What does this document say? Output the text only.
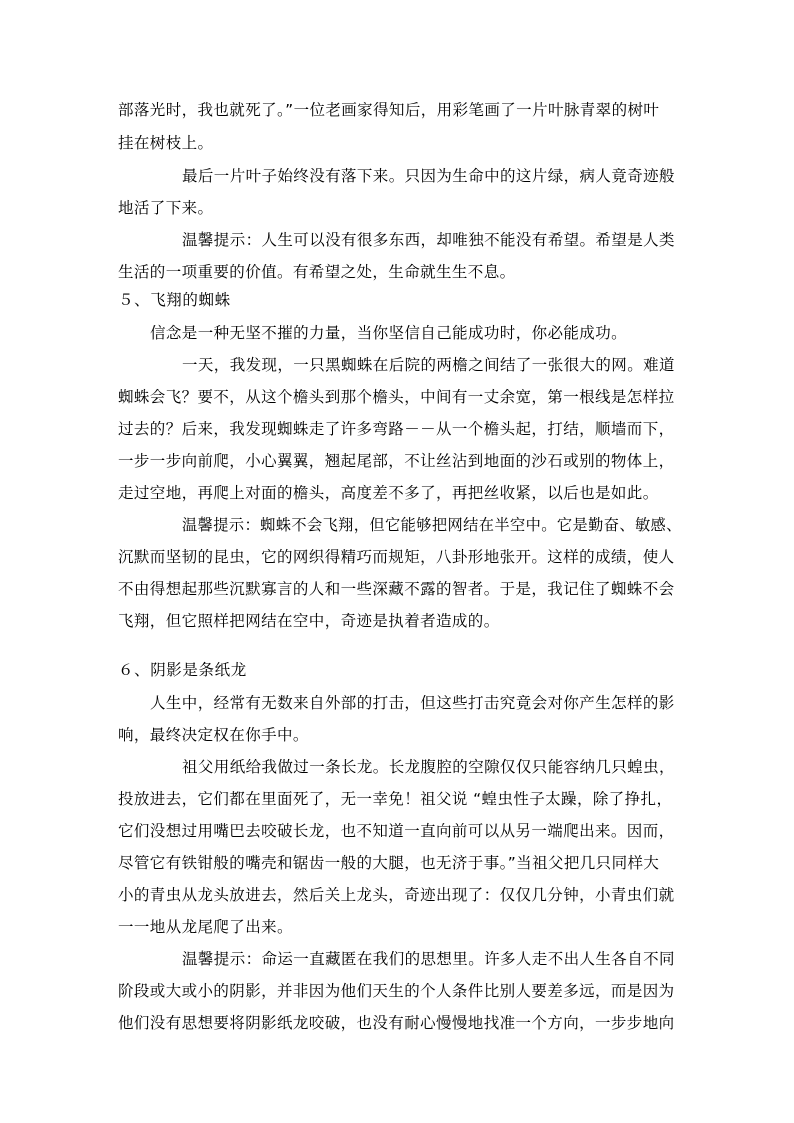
部落光时，我也就死了。”一位老画家得知后，用彩笔画了一片叶脉青翠的树叶
挂在树枝上。
最后一片叶子始终没有落下来。只因为生命中的这片绿，病人竟奇迹般
地活了下来。
温馨提示：人生可以没有很多东西，却唯独不能没有希望。希望是人类
生活的一项重要的价值。有希望之处，生命就生生不息。
５、飞翔的蜘蛛
信念是一种无坚不摧的力量，当你坚信自己能成功时，你必能成功。
一天，我发现，一只黑蜘蛛在后院的两檐之间结了一张很大的网。难道
蜘蛛会飞？要不，从这个檐头到那个檐头，中间有一丈余宽，第一根线是怎样拉
过去的？后来，我发现蜘蛛走了许多弯路－－从一个檐头起，打结，顺墙而下，
一步一步向前爬，小心翼翼，翘起尾部，不让丝沾到地面的沙石或别的物体上，
走过空地，再爬上对面的檐头，高度差不多了，再把丝收紧，以后也是如此。
温馨提示：蜘蛛不会飞翔，但它能够把网结在半空中。它是勤奋、敏感、
沉默而坚韧的昆虫，它的网织得精巧而规矩，八卦形地张开。这样的成绩，使人
不由得想起那些沉默寡言的人和一些深藏不露的智者。于是，我记住了蜘蛛不会
飞翔，但它照样把网结在空中，奇迹是执着者造成的。
６、阴影是条纸龙
人生中，经常有无数来自外部的打击，但这些打击究竟会对你产生怎样的影
响，最终决定权在你手中。
祖父用纸给我做过一条长龙。长龙腹腔的空隙仅仅只能容纳几只蝗虫，
投放进去，它们都在里面死了，无一幸免！祖父说 “蝗虫性子太躁，除了挣扎，
它们没想过用嘴巴去咬破长龙，也不知道一直向前可以从另一端爬出来。因而，
尽管它有铁钳般的嘴壳和锯齿一般的大腿，也无济于事。”当祖父把几只同样大
小的青虫从龙头放进去，然后关上龙头，奇迹出现了：仅仅几分钟，小青虫们就
一一地从龙尾爬了出来。
温馨提示：命运一直藏匿在我们的思想里。许多人走不出人生各自不同
阶段或大或小的阴影，并非因为他们天生的个人条件比别人要差多远，而是因为
他们没有思想要将阴影纸龙咬破，也没有耐心慢慢地找准一个方向，一步步地向
